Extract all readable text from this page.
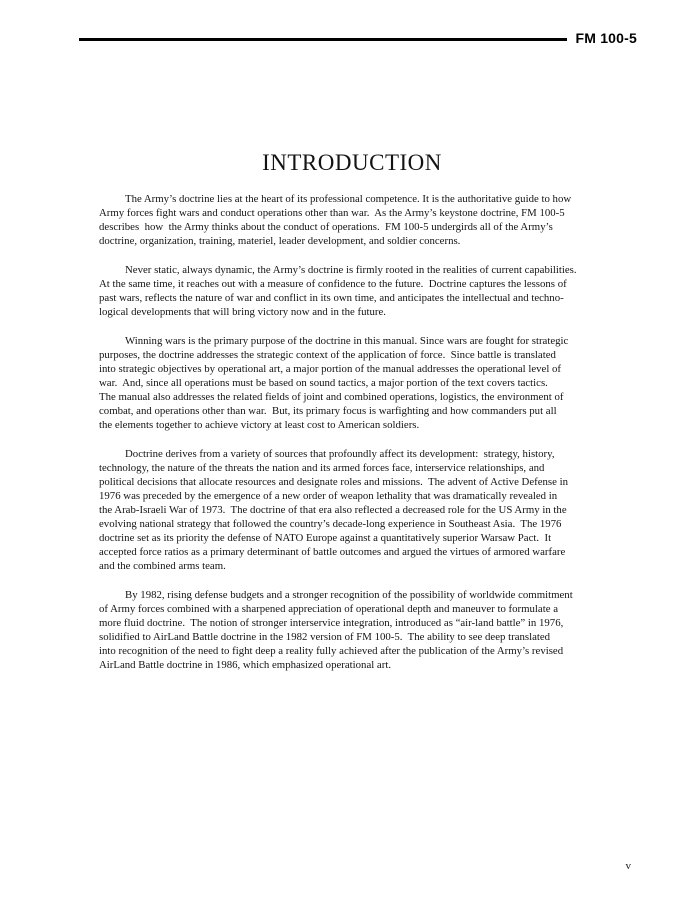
FM 100-5
INTRODUCTION

The Army’s doctrine lies at the heart of its professional competence. It is the authoritative guide to how
Army forces fight wars and conduct operations other than war.  As the Army’s keystone doctrine, FM 100-5
describes  how  the Army thinks about the conduct of operations.  FM 100-5 undergirds all of the Army’s
doctrine, organization, training, materiel, leader development, and soldier concerns.

Never static, always dynamic, the Army’s doctrine is firmly rooted in the realities of current capabilities.
At the same time, it reaches out with a measure of confidence to the future.  Doctrine captures the lessons of
past wars, reflects the nature of war and conflict in its own time, and anticipates the intellectual and techno-
logical developments that will bring victory now and in the future.

Winning wars is the primary purpose of the doctrine in this manual. Since wars are fought for strategic
purposes, the doctrine addresses the strategic context of the application of force.  Since battle is translated
into strategic objectives by operational art, a major portion of the manual addresses the operational level of
war.  And, since all operations must be based on sound tactics, a major portion of the text covers tactics.
The manual also addresses the related fields of joint and combined operations, logistics, the environment of
combat, and operations other than war.  But, its primary focus is warfighting and how commanders put all
the elements together to achieve victory at least cost to American soldiers.

Doctrine derives from a variety of sources that profoundly affect its development:  strategy, history,
technology, the nature of the threats the nation and its armed forces face, interservice relationships, and
political decisions that allocate resources and designate roles and missions.  The advent of Active Defense in
1976 was preceded by the emergence of a new order of weapon lethality that was dramatically revealed in
the Arab-Israeli War of 1973.  The doctrine of that era also reflected a decreased role for the US Army in the
evolving national strategy that followed the country’s decade-long experience in Southeast Asia.  The 1976
doctrine set as its priority the defense of NATO Europe against a quantitatively superior Warsaw Pact.  It
accepted force ratios as a primary determinant of battle outcomes and argued the virtues of armored warfare
and the combined arms team.

By 1982, rising defense budgets and a stronger recognition of the possibility of worldwide commitment
of Army forces combined with a sharpened appreciation of operational depth and maneuver to formulate a
more fluid doctrine.  The notion of stronger interservice integration, introduced as “air-land battle” in 1976,
solidified to AirLand Battle doctrine in the 1982 version of FM 100-5.  The ability to see deep translated
into recognition of the need to fight deep a reality fully achieved after the publication of the Army’s revised
AirLand Battle doctrine in 1986, which emphasized operational art.

v
